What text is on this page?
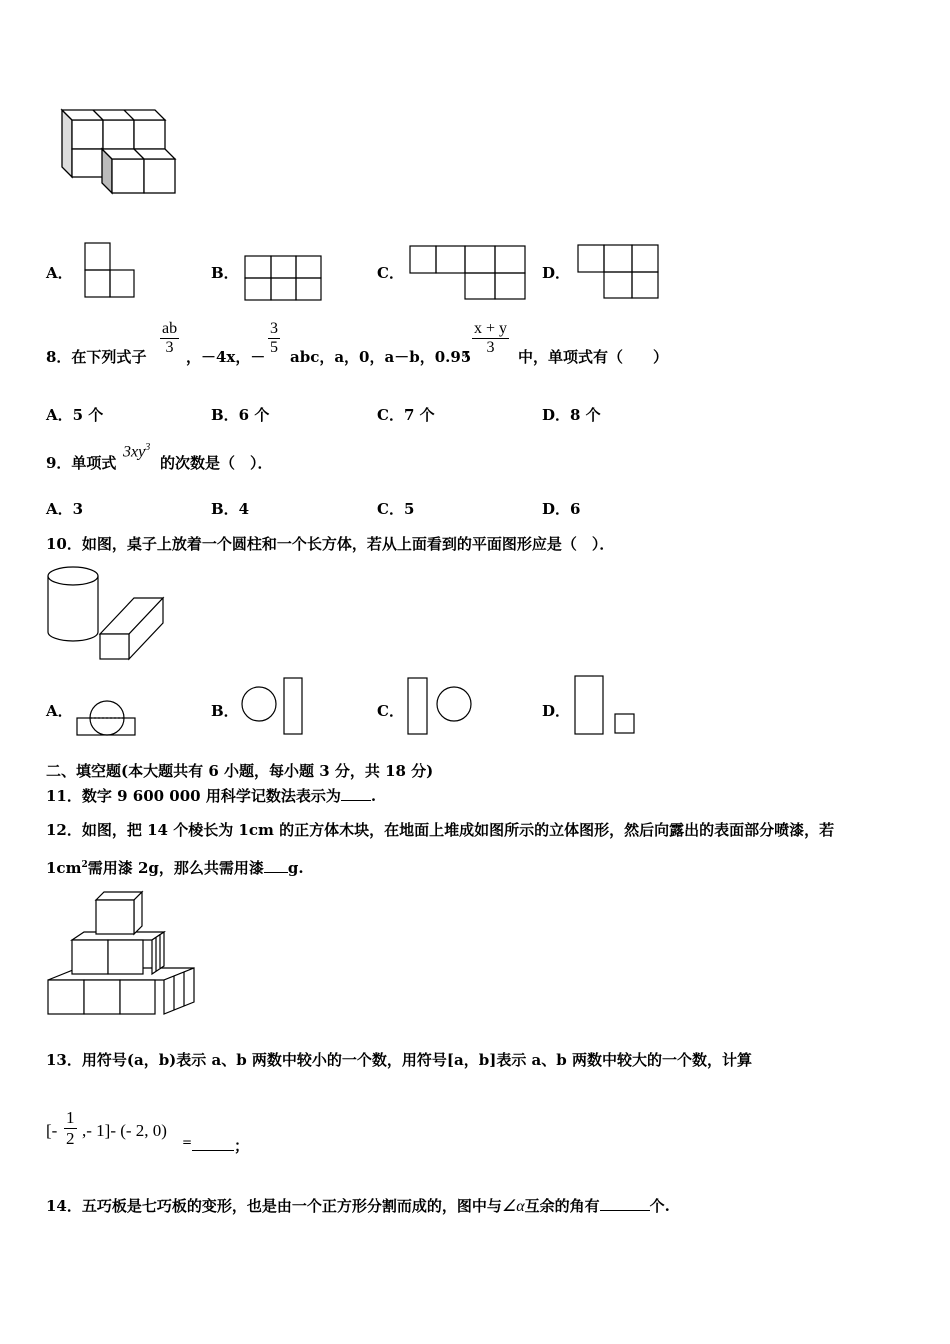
A．	B．	C．	D．
8．在下列式子 $\frac{ab}{3}$ ，－4x，－ $\frac{3}{5}$ abc，a，0，a－b，0.95
，
$\frac{x + y}{3}$ 中，单项式有（　　）
A．5 个	B．6 个	C．7 个	D．8 个
9．单项式
$3xy^3$
的次数是（　）．
A．3	B．4	C．5	D．6
10．如图，桌子上放着一个圆柱和一个长方体，若从上面看到的平面图形应是（　）．
A．	B．	C．	D．
二、填空题(本大题共有 6 小题，每小题 3 分，共 18 分)
11．数字 9 600 000 用科学记数法表示为 .
12．如图，把 14 个棱长为 1cm 的正方体木块，在地面上堆成如图所示的立体图形，然后向露出的表面部分喷漆，若
$1cm^2$需用漆 2g，那么共需用漆 g.
13．用符号(a，b)表示 a、b 两数中较小的一个数，用符号[a，b]表示 a、b 两数中较大的一个数，计算
[- $\frac{1}{2}$ ,- 1]- (- 2, 0)
=	；
14．五巧板是七巧板的变形，也是由一个正方形分割而成的，图中与∠α互余的角有	个.
